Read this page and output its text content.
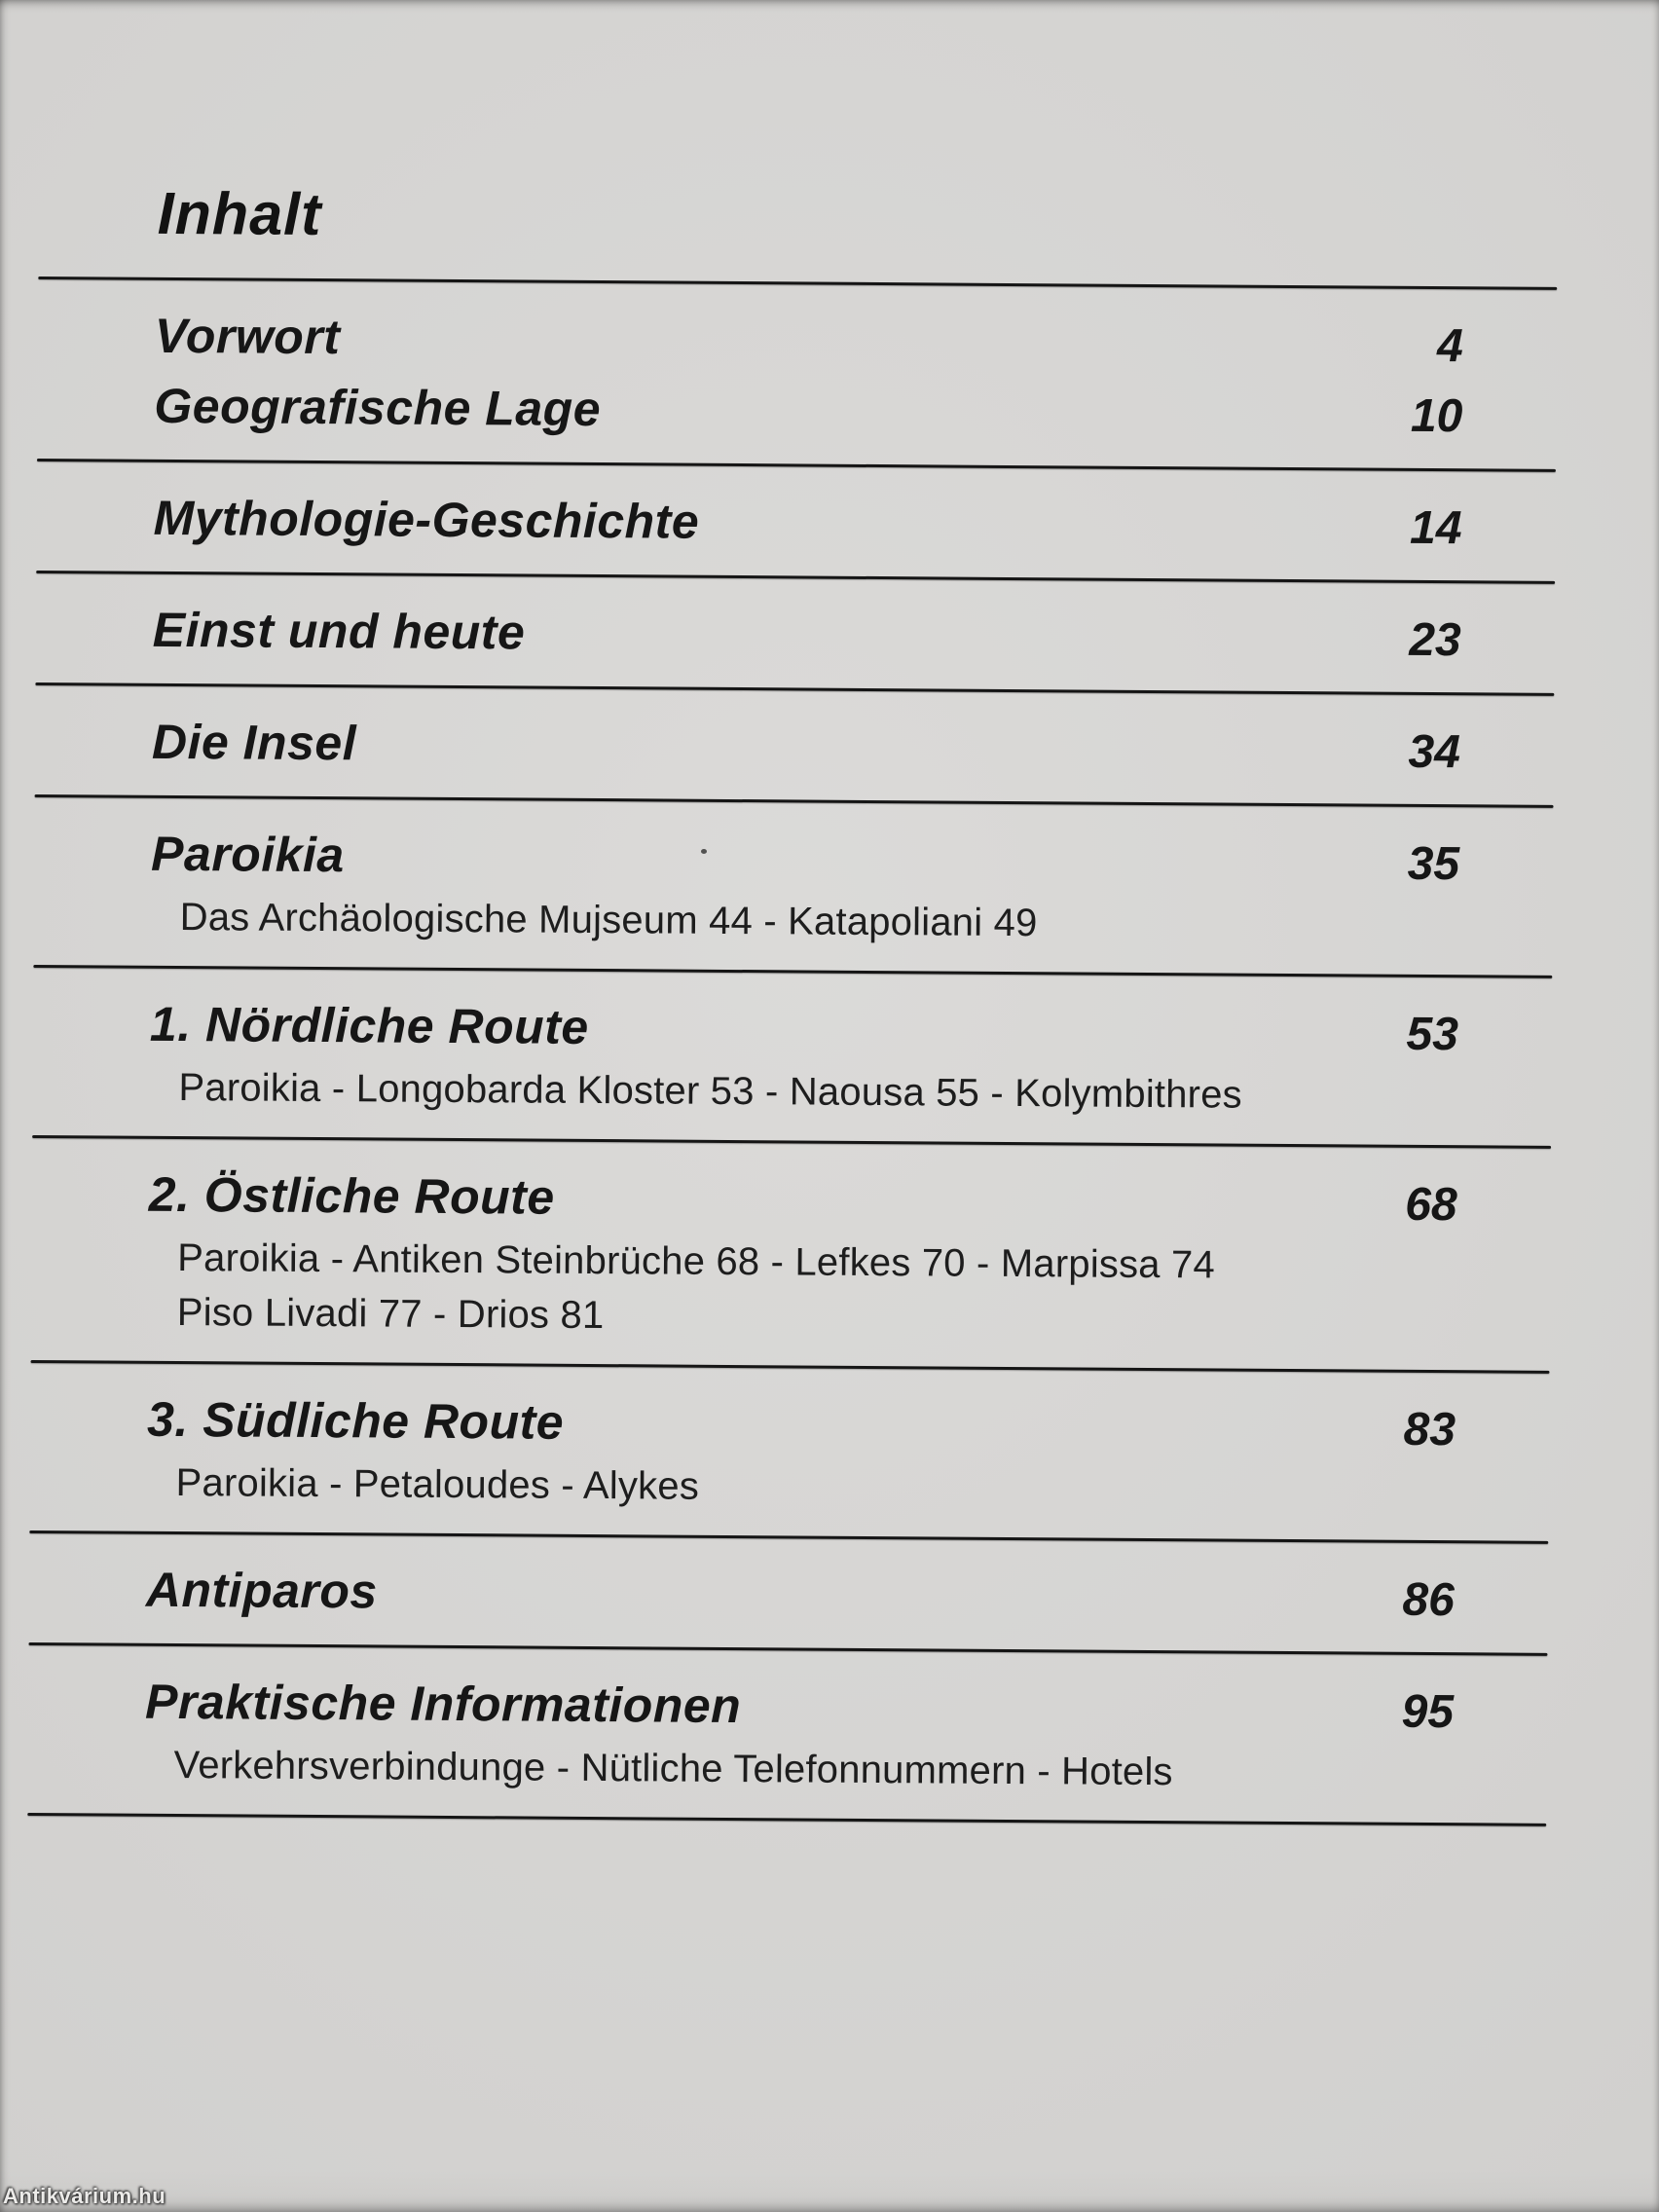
Inhalt
Vorwort	4
Geografische Lage	10
Mythologie-Geschichte	14
Einst und heute	23
Die Insel	34
Paroikia	35
Das Archäologische Mujseum 44 - Katapoliani 49
1. Nördliche Route	53
Paroikia - Longobarda Kloster 53 - Naousa 55 - Kolymbithres
2. Östliche Route	68
Paroikia - Antiken Steinbrüche 68 - Lefkes 70 - Marpissa 74
Piso Livadi 77 - Drios 81
3. Südliche Route	83
Paroikia - Petaloudes - Alykes
Antiparos	86
Praktische Informationen	95
Verkehrsverbindunge - Nütliche Telefonnummern - Hotels
Antikvárium.hu
